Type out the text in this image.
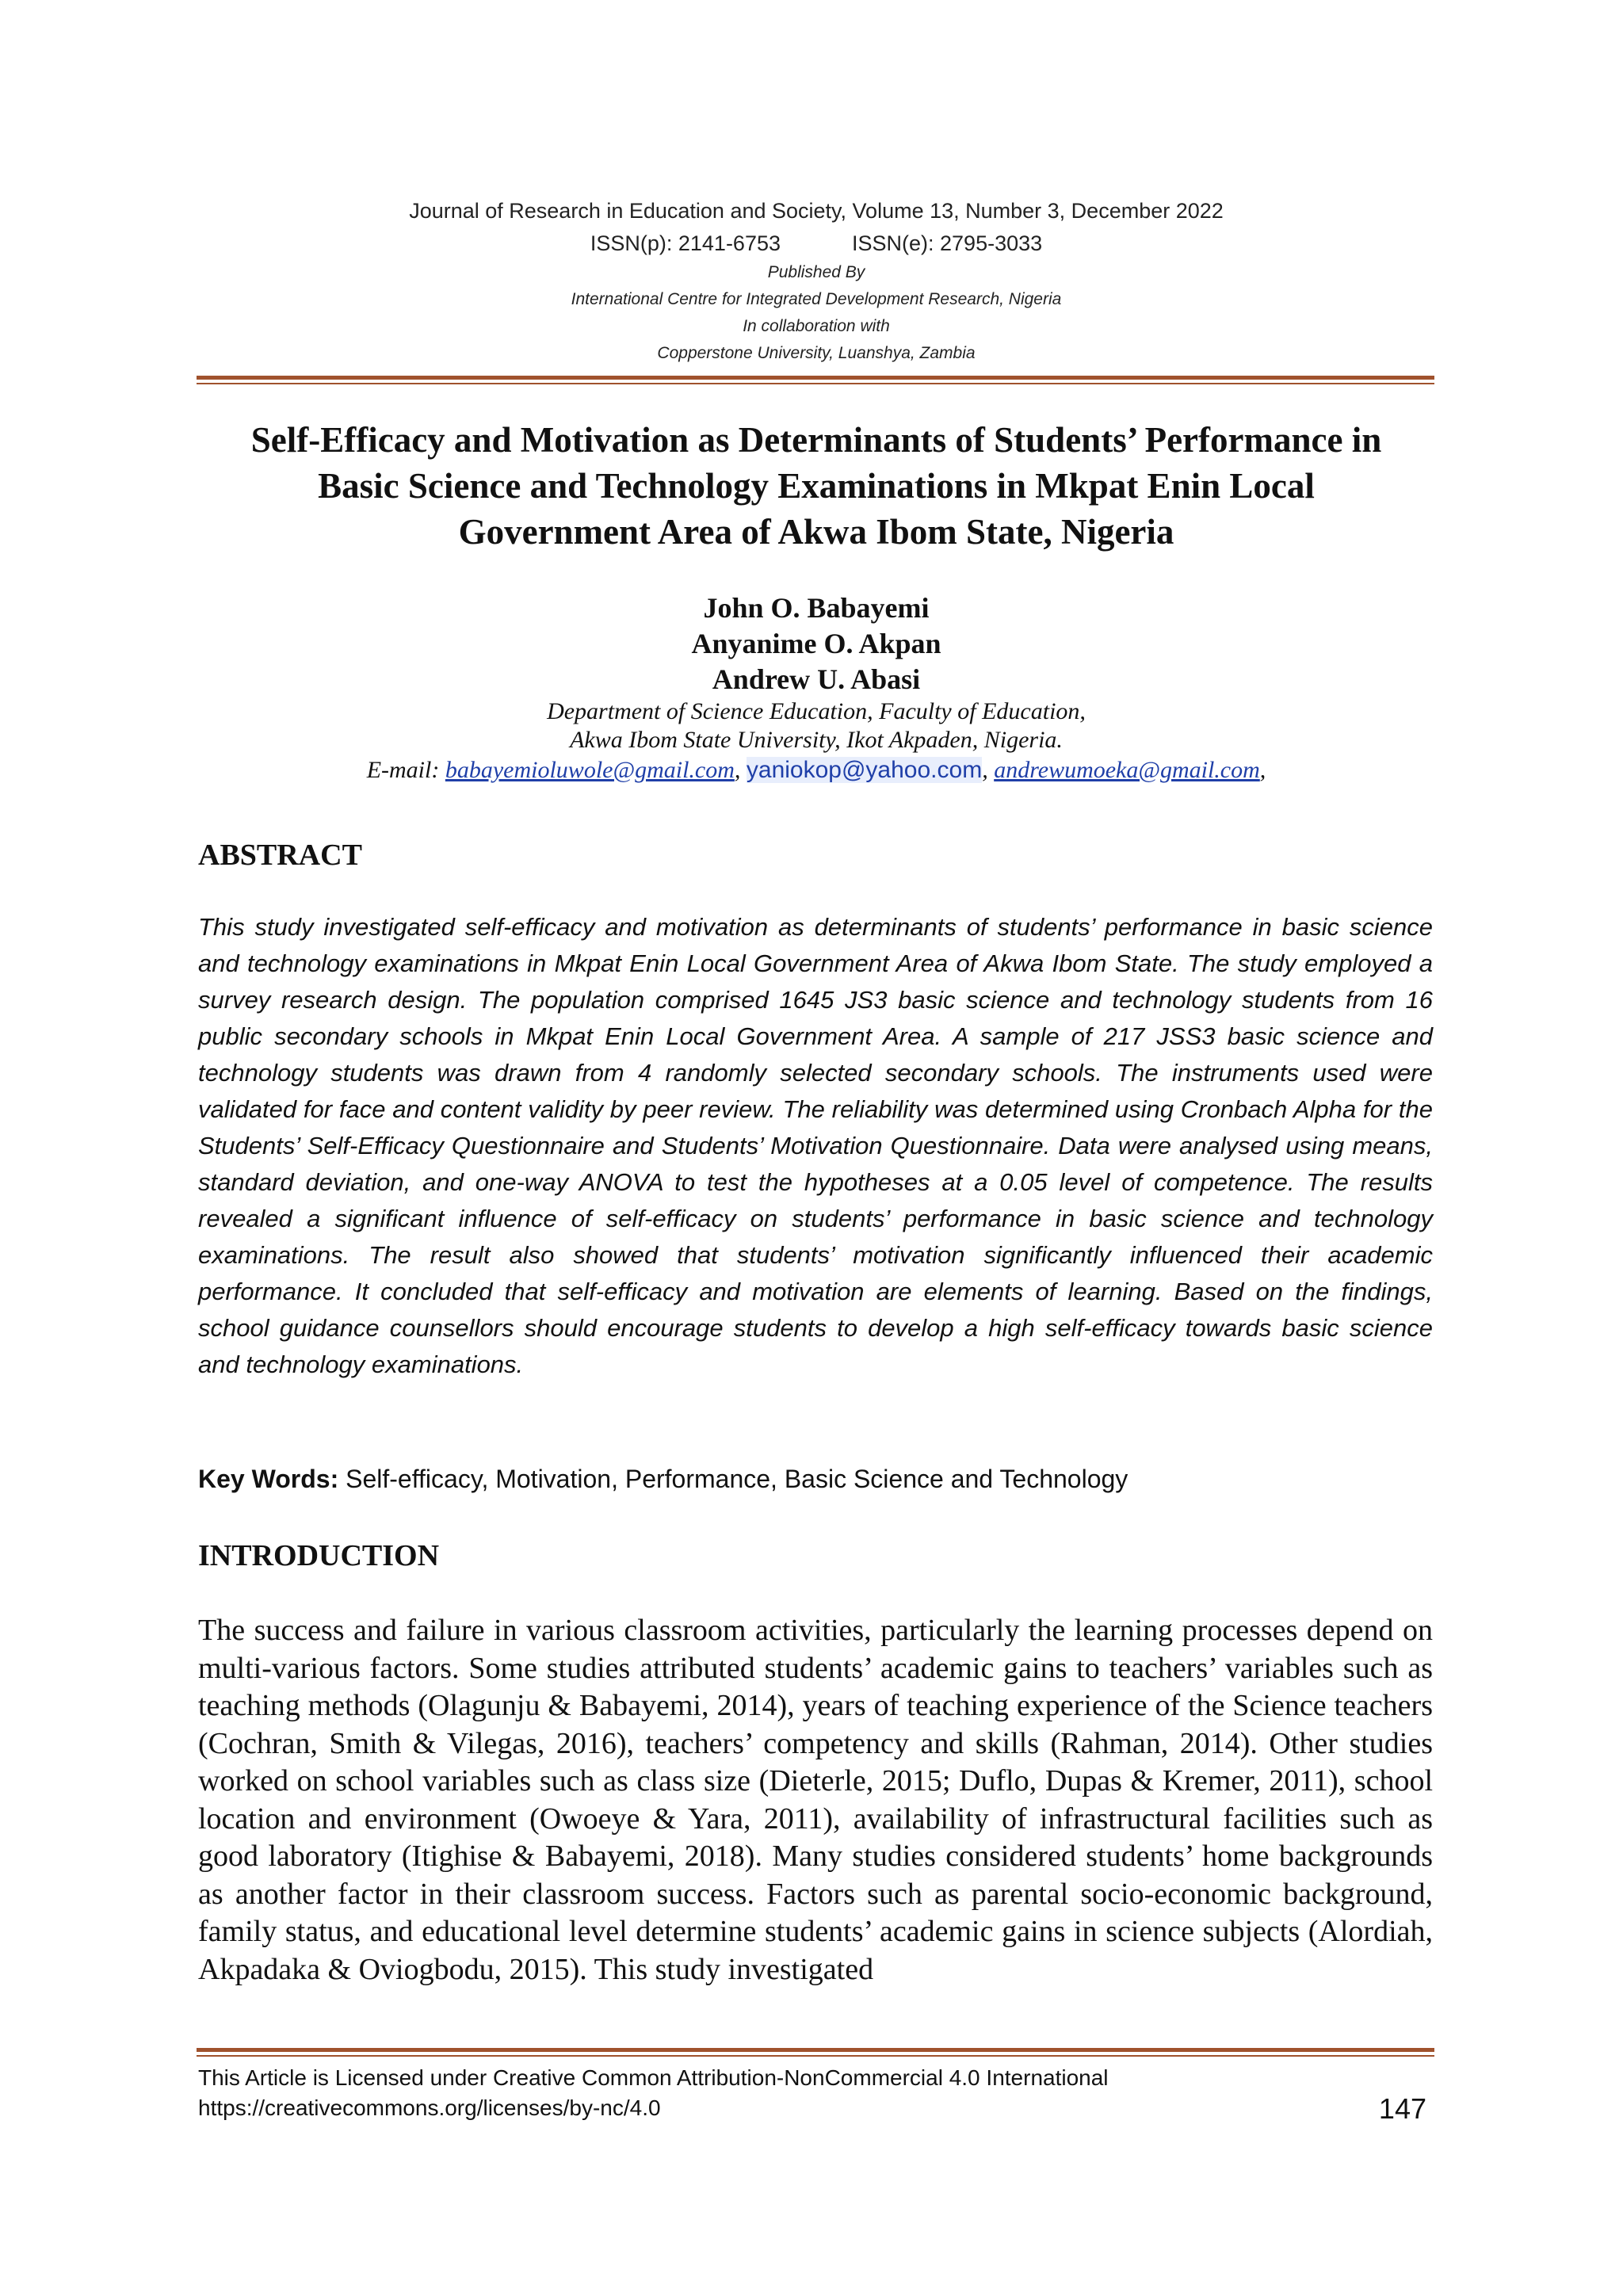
Journal of Research in Education and Society, Volume 13, Number 3, December 2022
ISSN(p): 2141-6753	ISSN(e): 2795-3033
Published By
International Centre for Integrated Development Research, Nigeria
In collaboration with
Copperstone University, Luanshya, Zambia
Self-Efficacy and Motivation as Determinants of Students’ Performance in
Basic Science and Technology Examinations in Mkpat Enin Local
Government Area of Akwa Ibom State, Nigeria
John O. Babayemi
Anyanime O. Akpan
Andrew U. Abasi
Department of Science Education, Faculty of Education,
Akwa Ibom State University, Ikot Akpaden, Nigeria.
E-mail: babayemioluwole@gmail.com, yaniokop@yahoo.com, andrewumoeka@gmail.com,
ABSTRACT

This study investigated self-efficacy and motivation as determinants of students’ performance in basic science and technology examinations in Mkpat Enin Local Government Area of Akwa Ibom State. The study employed a survey research design. The population comprised 1645 JS3 basic science and technology students from 16 public secondary schools in Mkpat Enin Local Government Area. A sample of 217 JSS3 basic science and technology students was drawn from 4 randomly selected secondary schools. The instruments used were validated for face and content validity by peer review. The reliability was determined using Cronbach Alpha for the Students’ Self-Efficacy Questionnaire and Students’ Motivation Questionnaire. Data were analysed using means, standard deviation, and one-way ANOVA to test the hypotheses at a 0.05 level of competence. The results revealed a significant influence of self-efficacy on students’ performance in basic science and technology examinations. The result also showed that students’ motivation significantly influenced their academic performance. It concluded that self-efficacy and motivation are elements of learning. Based on the findings, school guidance counsellors should encourage students to develop a high self-efficacy towards basic science and technology examinations.

Key Words: Self-efficacy, Motivation, Performance, Basic Science and Technology
INTRODUCTION

The success and failure in various classroom activities, particularly the learning processes depend on multi-various factors. Some studies attributed students’ academic gains to teachers’ variables such as teaching methods (Olagunju & Babayemi, 2014), years of teaching experience of the Science teachers (Cochran, Smith & Vilegas, 2016), teachers’ competency and skills (Rahman, 2014). Other studies worked on school variables such as class size (Dieterle, 2015; Duflo, Dupas & Kremer, 2011), school location and environment (Owoeye & Yara, 2011), availability of infrastructural facilities such as good laboratory (Itighise & Babayemi, 2018). Many studies considered students’ home backgrounds as another factor in their classroom success. Factors such as parental socio-economic background, family status, and educational level determine students’ academic gains in science subjects (Alordiah, Akpadaka & Oviogbodu, 2015). This study investigated

This Article is Licensed under Creative Common Attribution-NonCommercial 4.0 International
https://creativecommons.org/licenses/by-nc/4.0	147
